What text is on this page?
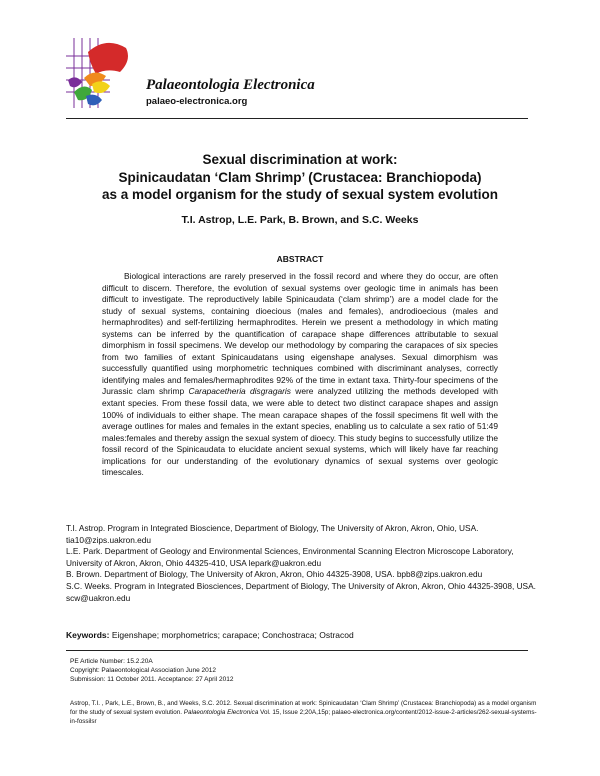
Palaeontologia Electronica
palaeo-electronica.org
Sexual discrimination at work:
Spinicaudatan ‘Clam Shrimp’ (Crustacea: Branchiopoda)
as a model organism for the study of sexual system evolution
T.I. Astrop, L.E. Park, B. Brown, and S.C. Weeks
ABSTRACT

Biological interactions are rarely preserved in the fossil record and where they do occur, are often difficult to discern. Therefore, the evolution of sexual systems over geologic time in animals has been difficult to investigate. The reproductively labile Spinicaudata (‘clam shrimp’) are a model clade for the study of sexual systems, containing dioecious (males and females), androdioecious (males and hermaphrodites) and self-fertilizing hermaphrodites. Herein we present a methodology in which mating systems can be inferred by the quantification of carapace shape differences attributable to sexual dimorphism in fossil specimens. We develop our methodology by comparing the carapaces of six species from two families of extant Spinicaudatans using eigenshape analyses. Sexual dimorphism was successfully quantified using morphometric techniques combined with discriminant analyses, correctly identifying males and females/hermaphrodites 92% of the time in extant taxa. Thirty-four specimens of the Jurassic clam shrimp Carapacetheria disgragaris were analyzed utilizing the methods developed with extant species. From these fossil data, we were able to detect two distinct carapace shapes and assign 100% of individuals to either shape. The mean carapace shapes of the fossil specimens fit well with the average outlines for males and females in the extant species, enabling us to calculate a sex ratio of 51:49 males:females and thereby assign the sexual system of dioecy. This study begins to successfully utilize the fossil record of the Spinicaudata to elucidate ancient sexual systems, which will likely have far reaching implications for our understanding of the evolutionary dynamics of sexual systems over geologic timescales.

T.I. Astrop. Program in Integrated Bioscience, Department of Biology, The University of Akron, Akron, Ohio, USA. tia10@zips.uakron.edu

L.E. Park. Department of Geology and Environmental Sciences, Environmental Scanning Electron Microscope Laboratory, University of Akron, Akron, Ohio 44325-410, USA lepark@uakron.edu

B. Brown. Department of Biology, The University of Akron, Akron, Ohio 44325-3908, USA. bpb8@zips.uakron.edu

S.C. Weeks. Program in Integrated Biosciences, Department of Biology, The University of Akron, Akron, Ohio 44325-3908, USA. scw@uakron.edu

Keywords: Eigenshape; morphometrics; carapace; Conchostraca; Ostracod
PE Article Number: 15.2.20A
Copyright: Palaeontological Association June 2012
Submission: 11 October 2011. Acceptance: 27 April 2012

Astrop, T.I. , Park, L.E., Brown, B., and Weeks, S.C. 2012. Sexual discrimination at work: Spinicaudatan ‘Clam Shrimp’ (Crustacea: Branchiopoda) as a model organism for the study of sexual system evolution. Palaeontologia Electronica Vol. 15, Issue 2;20A,15p; palaeo-electronica.org/content/2012-issue-2-articles/262-sexual-systems-in-fossilsr
